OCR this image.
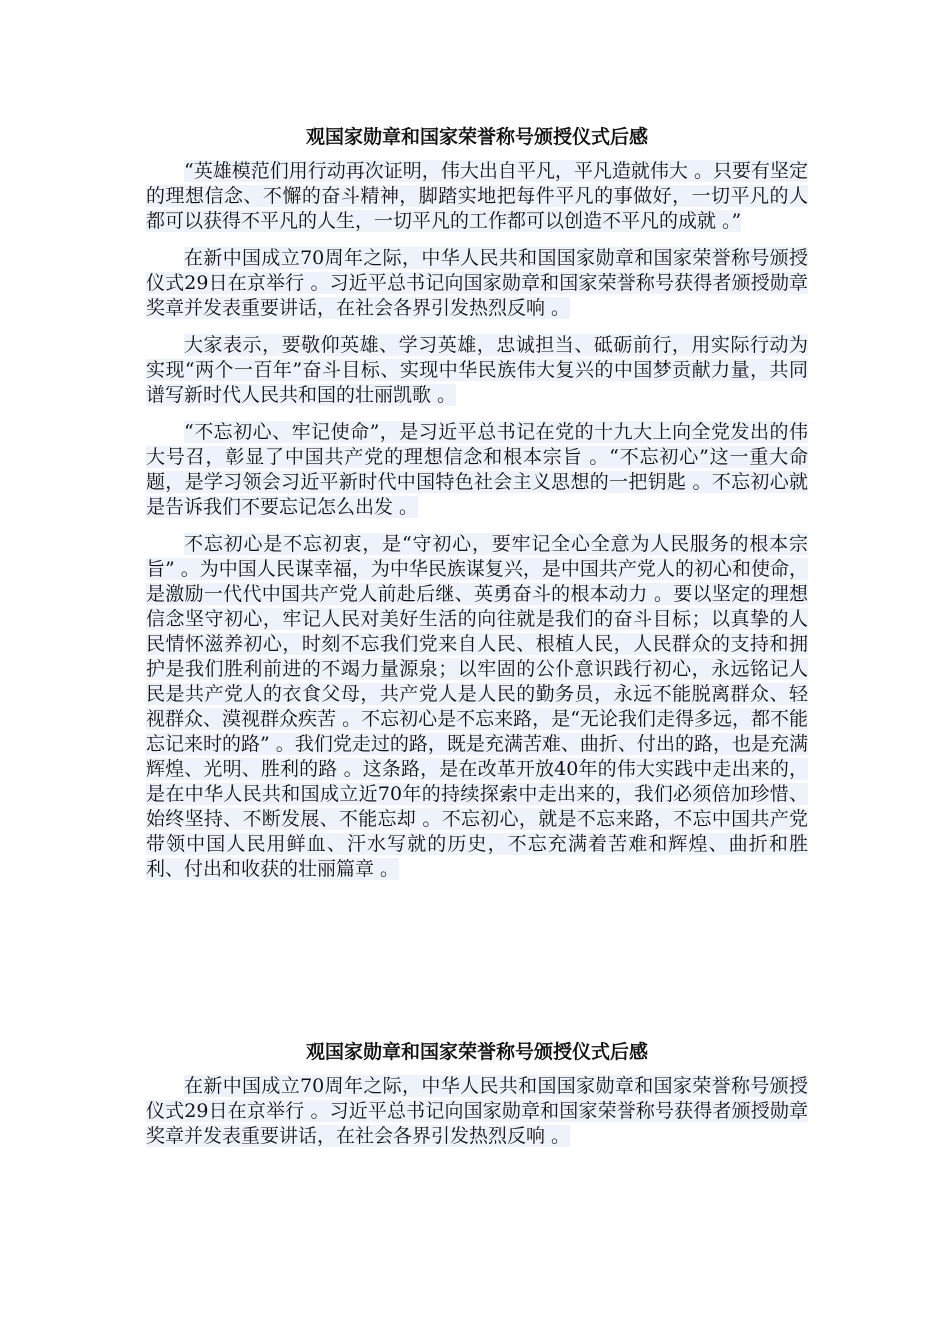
观国家勋章和国家荣誉称号颁授仪式后感

“英雄模范们用行动再次证明，伟大出自平凡，平凡造就伟大 。只要有坚定的理想信念、不懈的奋斗精神，脚踏实地把每件平凡的事做好，一切平凡的人都可以获得不平凡的人生，一切平凡的工作都可以创造不平凡的成就 。”

在新中国成立70周年之际，中华人民共和国国家勋章和国家荣誉称号颁授仪式29日在京举行 。习近平总书记向国家勋章和国家荣誉称号获得者颁授勋章奖章并发表重要讲话，在社会各界引发热烈反响 。

大家表示，要敬仰英雄、学习英雄，忠诚担当、砥砺前行，用实际行动为实现“两个一百年”奋斗目标、实现中华民族伟大复兴的中国梦贡献力量，共同谱写新时代人民共和国的壮丽凯歌 。

“不忘初心、牢记使命”，是习近平总书记在党的十九大上向全党发出的伟大号召，彰显了中国共产党的理想信念和根本宗旨 。“不忘初心”这一重大命题，是学习领会习近平新时代中国特色社会主义思想的一把钥匙 。不忘初心就是告诉我们不要忘记怎么出发 。

不忘初心是不忘初衷，是“守初心，要牢记全心全意为人民服务的根本宗旨” 。为中国人民谋幸福，为中华民族谋复兴，是中国共产党人的初心和使命，是激励一代代中国共产党人前赴后继、英勇奋斗的根本动力 。要以坚定的理想信念坚守初心，牢记人民对美好生活的向往就是我们的奋斗目标；以真挚的人民情怀滋养初心，时刻不忘我们党来自人民、根植人民，人民群众的支持和拥护是我们胜利前进的不竭力量源泉；以牢固的公仆意识践行初心，永远铭记人民是共产党人的衣食父母，共产党人是人民的勤务员，永远不能脱离群众、轻视群众、漠视群众疾苦 。不忘初心是不忘来路，是“无论我们走得多远，都不能忘记来时的路” 。我们党走过的路，既是充满苦难、曲折、付出的路，也是充满辉煌、光明、胜利的路 。这条路，是在改革开放40年的伟大实践中走出来的，是在中华人民共和国成立近70年的持续探索中走出来的，我们必须倍加珍惜、始终坚持、不断发展、不能忘却 。不忘初心，就是不忘来路，不忘中国共产党带领中国人民用鲜血、汗水写就的历史，不忘充满着苦难和辉煌、曲折和胜利、付出和收获的壮丽篇章 。

观国家勋章和国家荣誉称号颁授仪式后感

在新中国成立70周年之际，中华人民共和国国家勋章和国家荣誉称号颁授仪式29日在京举行 。习近平总书记向国家勋章和国家荣誉称号获得者颁授勋章奖章并发表重要讲话，在社会各界引发热烈反响 。
